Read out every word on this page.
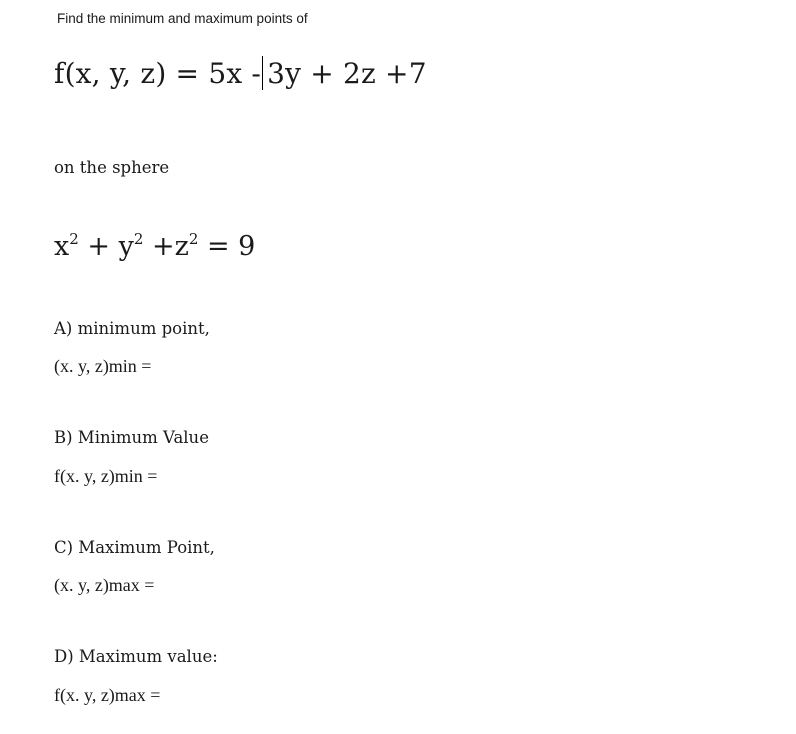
Find the minimum and maximum points of
f(x, y, z) = 5x - 3y + 2z +7
on the sphere
$x^2 + y^2 +z^2 = 9$
A) minimum point,
(x. y, z)min =
B) Minimum Value
f(x. y, z)min =
C) Maximum Point,
(x. y, z)max =
D) Maximum value:
f(x. y, z)max =
